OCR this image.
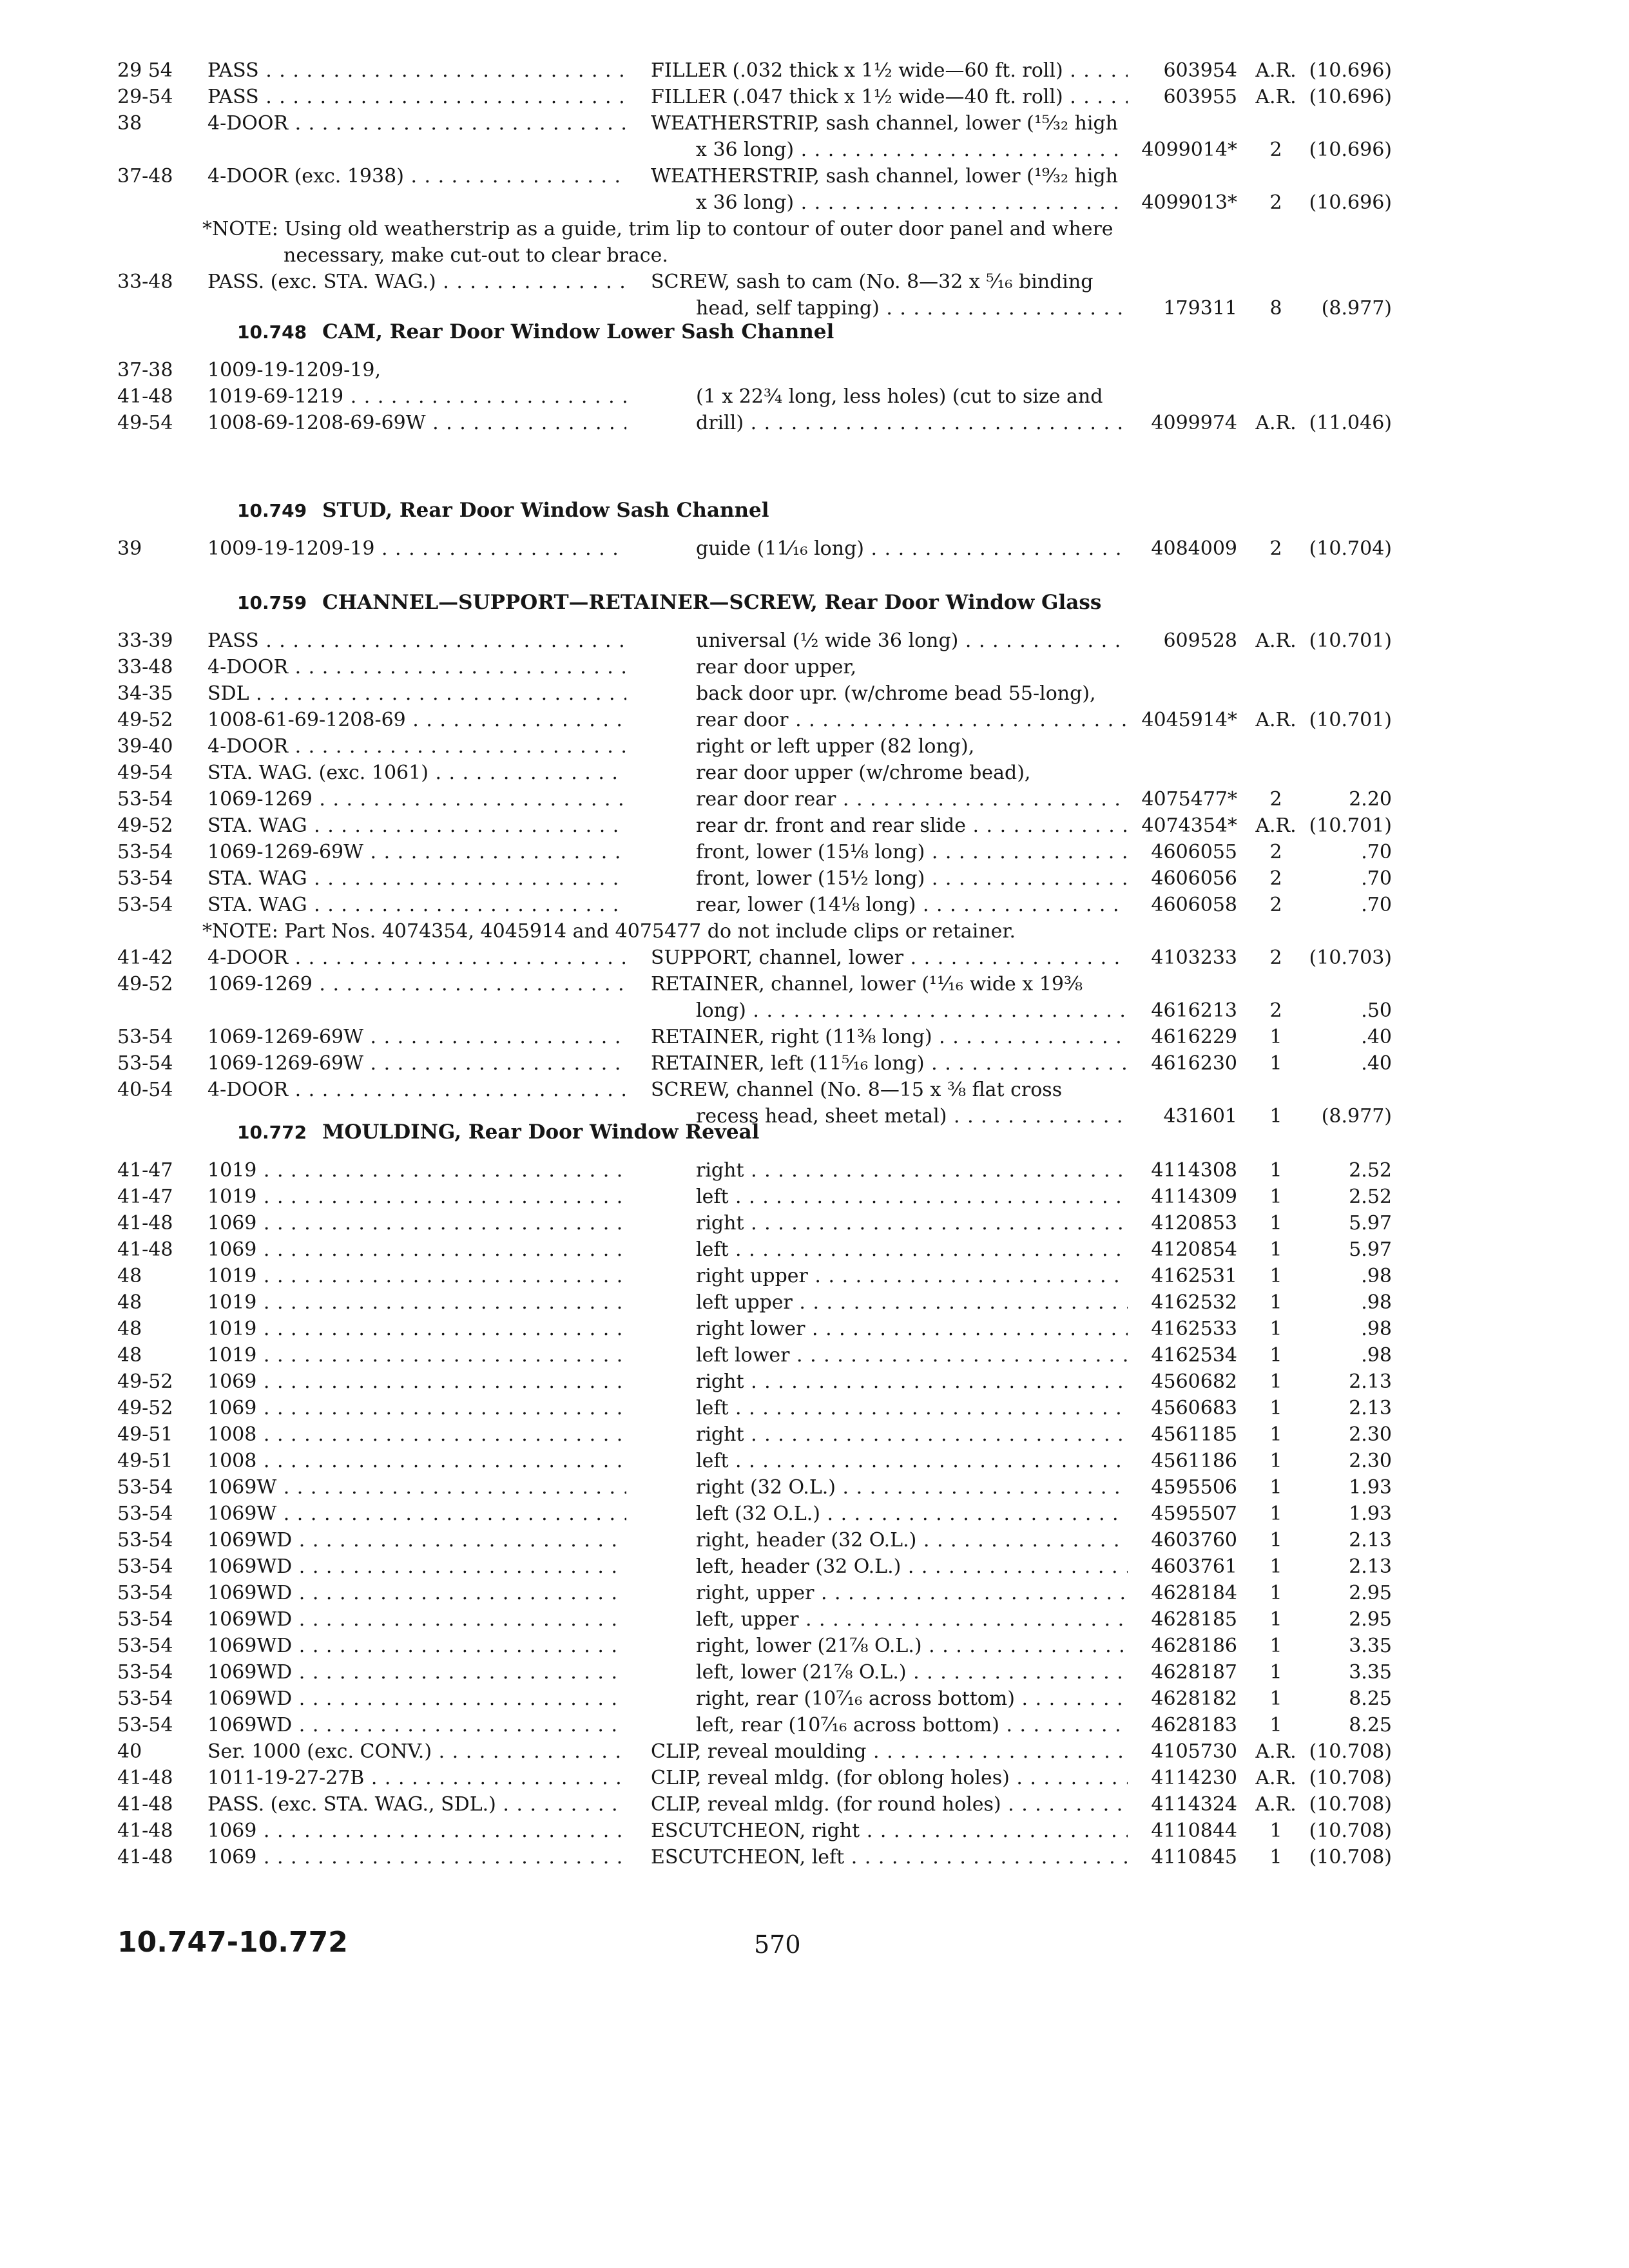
29 54	PASS . . .	FILLER (.032 thick x 1½ wide—60 ft. roll) . . .	603954 A.R. (10.696)
29-54	PASS . . .	FILLER (.047 thick x 1½ wide—40 ft. roll) . . .	603955 A.R. (10.696)
38	4-DOOR . . .	WEATHERSTRIP, sash channel, lower (¹⁵⁄₃₂ high
x 36 long) . . .	4099014*	2	(10.696)
37-48	4-DOOR (exc. 1938) . . .	WEATHERSTRIP, sash channel, lower (¹⁹⁄₃₂ high
x 36 long) . . .	4099013*	2	(10.696)
*NOTE: Using old weatherstrip as a guide, trim lip to contour of outer door panel and where
necessary, make cut-out to clear brace.
33-48	PASS. (exc. STA. WAG.) . . .	SCREW, sash to cam (No. 8—32 x ⁵⁄₁₆ binding
head, self tapping) . . .	179311	8	(8.977)
10.748 CAM, Rear Door Window Lower Sash Channel
37-38	1009-19-1209-19,
41-48	1019-69-1219 . . .	(1 x 22¾ long, less holes) (cut to size and
49-54	1008-69-1208-69-69W . . .	drill) . . .	4099974 A.R. (11.046)
10.749 STUD, Rear Door Window Sash Channel
39	1009-19-1209-19 . . .	guide (11⁄₁₆ long) . . .	4084009	2	(10.704)
10.759 CHANNEL—SUPPORT—RETAINER—SCREW, Rear Door Window Glass
33-39	PASS . . .	universal (½ wide 36 long) . . .	609528 A.R. (10.701)
33-48	4-DOOR . . .	rear door upper,
34-35	SDL . . .	back door upr. (w/chrome bead 55-long),
49-52	1008-61-69-1208-69 . . .	rear door . . .	4045914* A.R. (10.701)
39-40	4-DOOR . . .	right or left upper (82 long),
49-54	STA. WAG. (exc. 1061) . . .	rear door upper (w/chrome bead),
53-54	1069-1269 . . .	rear door rear . . .	4075477*	2	2.20
49-52	STA. WAG . . .	rear dr. front and rear slide . . .	4074354* A.R. (10.701)
53-54	1069-1269-69W . . .	front, lower (15⅛ long) . . .	4606055	2	.70
53-54	STA. WAG . . .	front, lower (15½ long) . . .	4606056	2	.70
53-54	STA. WAG . . .	rear, lower (14⅛ long) . . .	4606058	2	.70
*NOTE: Part Nos. 4074354, 4045914 and 4075477 do not include clips or retainer.
41-42	4-DOOR . . .	SUPPORT, channel, lower . . .	4103233	2	(10.703)
49-52	1069-1269 . . .	RETAINER, channel, lower (¹¹⁄₁₆ wide x 19⅜
long) . . .	4616213	2	.50
53-54	1069-1269-69W . . .	RETAINER, right (11⅜ long) . . .	4616229	1	.40
53-54	1069-1269-69W . . .	RETAINER, left (11⁵⁄₁₆ long) . . .	4616230	1	.40
40-54	4-DOOR . . .	SCREW, channel (No. 8—15 x ⅜ flat cross
recess head, sheet metal) . . .	431601	1	(8.977)
10.772 MOULDING, Rear Door Window Reveal
41-47	1019 . . .	right . . .	4114308	1	2.52
41-47	1019 . . .	left . . .	4114309	1	2.52
41-48	1069 . . .	right . . .	4120853	1	5.97
41-48	1069 . . .	left . . .	4120854	1	5.97
48	1019 . . .	right upper . . .	4162531	1	.98
48	1019 . . .	left upper . . .	4162532	1	.98
48	1019 . . .	right lower . . .	4162533	1	.98
48	1019 . . .	left lower . . .	4162534	1	.98
49-52	1069 . . .	right . . .	4560682	1	2.13
49-52	1069 . . .	left . . .	4560683	1	2.13
49-51	1008 . . .	right . . .	4561185	1	2.30
49-51	1008 . . .	left . . .	4561186	1	2.30
53-54	1069W . . .	right (32 O.L.) . . .	4595506	1	1.93
53-54	1069W . . .	left (32 O.L.) . . .	4595507	1	1.93
53-54	1069WD . . .	right, header (32 O.L.) . . .	4603760	1	2.13
53-54	1069WD . . .	left, header (32 O.L.) . . .	4603761	1	2.13
53-54	1069WD . . .	right, upper . . .	4628184	1	2.95
53-54	1069WD . . .	left, upper . . .	4628185	1	2.95
53-54	1069WD . . .	right, lower (21⅞ O.L.) . . .	4628186	1	3.35
53-54	1069WD . . .	left, lower (21⅞ O.L.) . . .	4628187	1	3.35
53-54	1069WD . . .	right, rear (10⁷⁄₁₆ across bottom) . . .	4628182	1	8.25
53-54	1069WD . . .	left, rear (10⁷⁄₁₆ across bottom) . . .	4628183	1	8.25
40	Ser. 1000 (exc. CONV.) . . .	CLIP, reveal moulding . . .	4105730 A.R. (10.708)
41-48	1011-19-27-27B . . .	CLIP, reveal mldg. (for oblong holes) . . .	4114230 A.R. (10.708)
41-48	PASS. (exc. STA. WAG., SDL.) . . .	CLIP, reveal mldg. (for round holes) . . .	4114324 A.R. (10.708)
41-48	1069 . . .	ESCUTCHEON, right . . .	4110844	1	(10.708)
41-48	1069 . . .	ESCUTCHEON, left . . .	4110845	1	(10.708)
10.747-10.772	570
